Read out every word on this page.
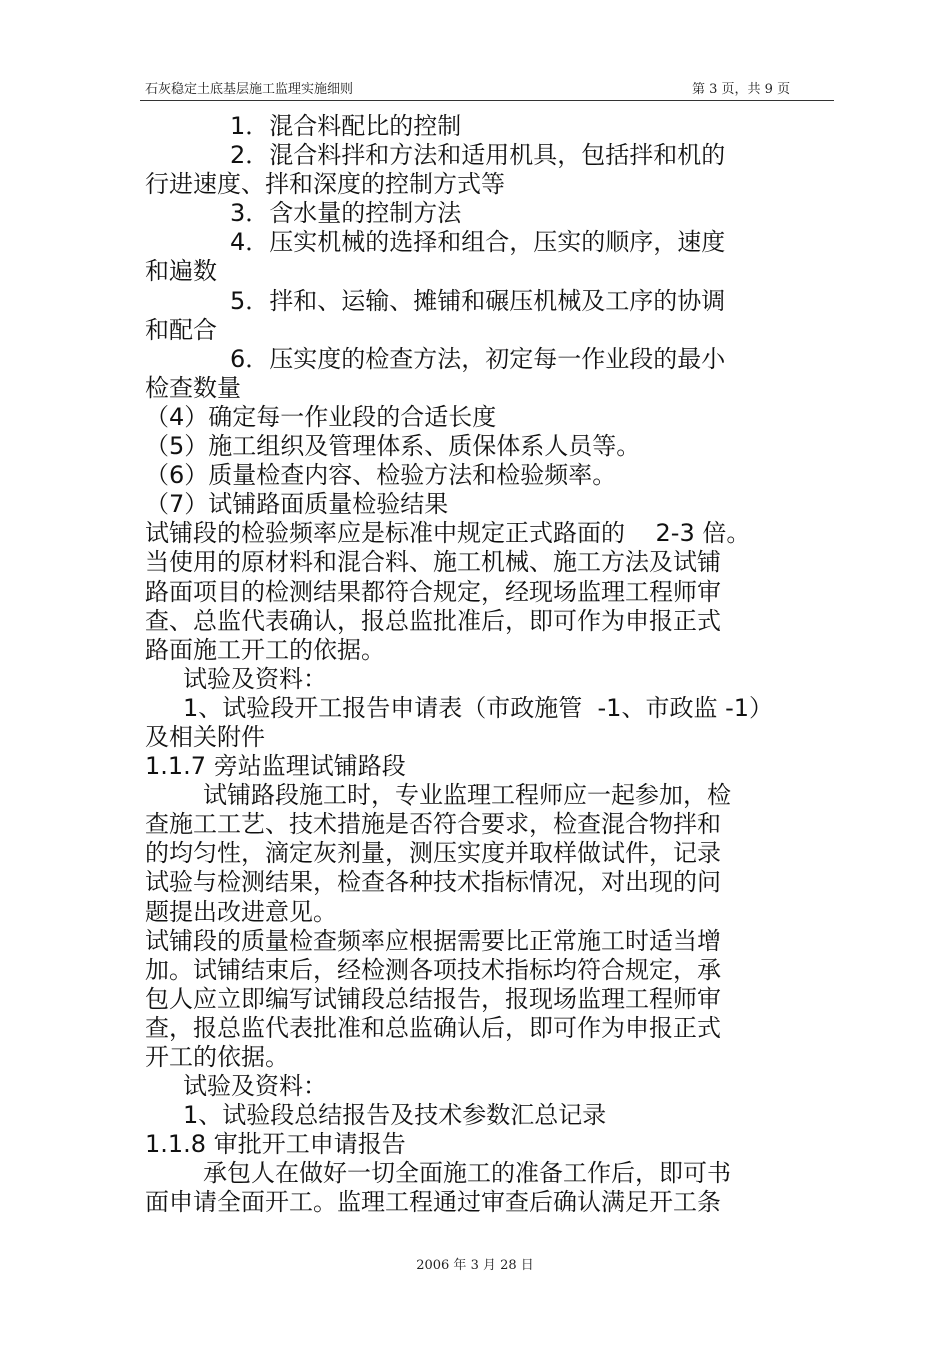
石灰稳定土底基层施工监理实施细则	第 3 页，共 9 页
1．混合料配比的控制
2．混合料拌和方法和适用机具，包括拌和机的
行进速度、拌和深度的控制方式等
3．含水量的控制方法
4．压实机械的选择和组合，压实的顺序，速度
和遍数
5．拌和、运输、摊铺和碾压机械及工序的协调
和配合
6．压实度的检查方法，初定每一作业段的最小
检查数量
（4）确定每一作业段的合适长度
（5）施工组织及管理体系、质保体系人员等。
（6）质量检查内容、检验方法和检验频率。
（7）试铺路面质量检验结果
试铺段的检验频率应是标准中规定正式路面的    2-3 倍。
当使用的原材料和混合料、施工机械、施工方法及试铺
路面项目的检测结果都符合规定，经现场监理工程师审
查、总监代表确认，报总监批准后，即可作为申报正式
路面施工开工的依据。
试验及资料：
1、试验段开工报告申请表（市政施管  -1、市政监 -1）
及相关附件
1.1.7 旁站监理试铺路段
试铺路段施工时，专业监理工程师应一起参加，检
查施工工艺、技术措施是否符合要求，检查混合物拌和
的均匀性，滴定灰剂量，测压实度并取样做试件，记录
试验与检测结果，检查各种技术指标情况，对出现的问
题提出改进意见。
试铺段的质量检查频率应根据需要比正常施工时适当增
加。试铺结束后，经检测各项技术指标均符合规定，承
包人应立即编写试铺段总结报告，报现场监理工程师审
查，报总监代表批准和总监确认后，即可作为申报正式
开工的依据。
试验及资料：
1、试验段总结报告及技术参数汇总记录
1.1.8 审批开工申请报告
承包人在做好一切全面施工的准备工作后，即可书
面申请全面开工。监理工程通过审查后确认满足开工条
2006 年 3 月 28 日
